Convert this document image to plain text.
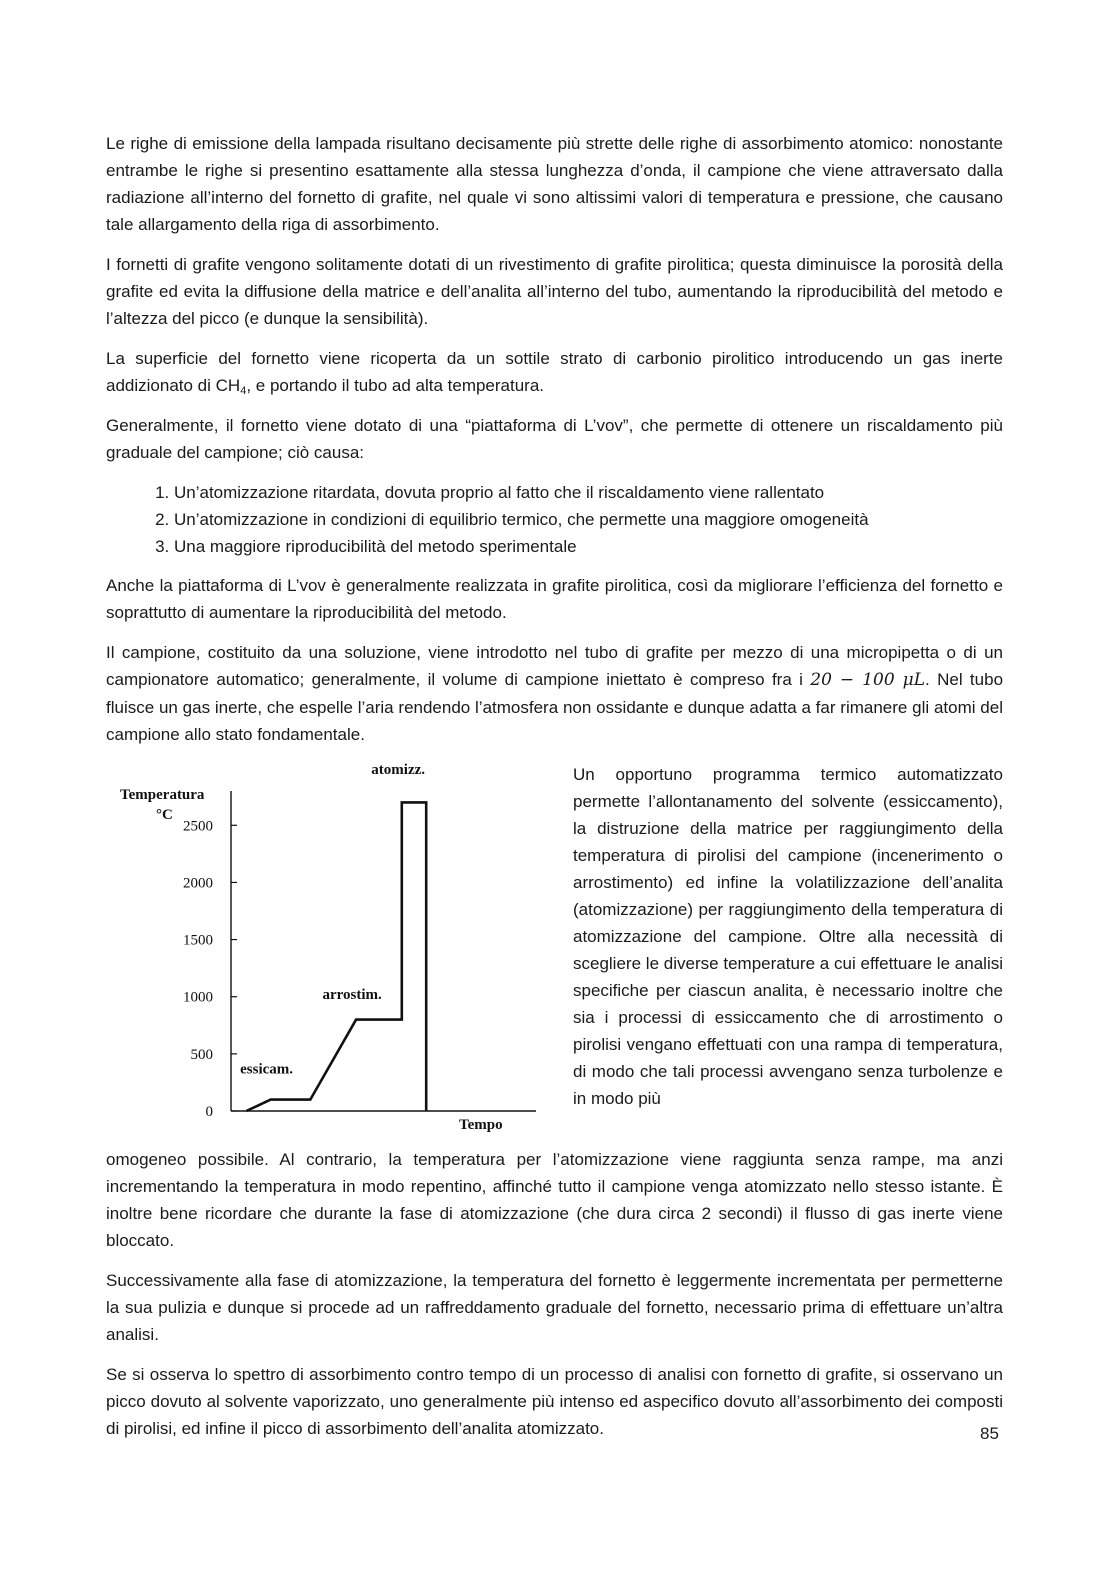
Le righe di emissione della lampada risultano decisamente più strette delle righe di assorbimento atomico: nonostante entrambe le righe si presentino esattamente alla stessa lunghezza d’onda, il campione che viene attraversato dalla radiazione all’interno del fornetto di grafite, nel quale vi sono altissimi valori di temperatura e pressione, che causano tale allargamento della riga di assorbimento.

I fornetti di grafite vengono solitamente dotati di un rivestimento di grafite pirolitica; questa diminuisce la porosità della grafite ed evita la diffusione della matrice e dell’analita all’interno del tubo, aumentando la riproducibilità del metodo e l’altezza del picco (e dunque la sensibilità).

La superficie del fornetto viene ricoperta da un sottile strato di carbonio pirolitico introducendo un gas inerte addizionato di $CH_4$, e portando il tubo ad alta temperatura.

Generalmente, il fornetto viene dotato di una “piattaforma di L’vov”, che permette di ottenere un riscaldamento più graduale del campione; ciò causa:

1. Un’atomizzazione ritardata, dovuta proprio al fatto che il riscaldamento viene rallentato
2. Un’atomizzazione in condizioni di equilibrio termico, che permette una maggiore omogeneità
3. Una maggiore riproducibilità del metodo sperimentale

Anche la piattaforma di L’vov è generalmente realizzata in grafite pirolitica, così da migliorare l’efficienza del fornetto e soprattutto di aumentare la riproducibilità del metodo.

Il campione, costituito da una soluzione, viene introdotto nel tubo di grafite per mezzo di una micropipetta o di un campionatore automatico; generalmente, il volume di campione iniettato è compreso fra i 20 − 100 μL. Nel tubo fluisce un gas inerte, che espelle l’aria rendendo l’atmosfera non ossidante e dunque adatta a far rimanere gli atomi del campione allo stato fondamentale.

Temperatura
°C
Tempo
0
500
1000
1500
2000
2500
essicam.
arrostim.
atomizz.	Un opportuno programma termico automatizzato permette l’allontanamento del solvente (essiccamento), la distruzione della matrice per raggiungimento della temperatura di pirolisi del campione (incenerimento o arrostimento) ed infine la volatilizzazione dell’analita (atomizzazione) per raggiungimento della temperatura di atomizzazione del campione. Oltre alla necessità di scegliere le diverse temperature a cui effettuare le analisi specifiche per ciascun analita, è necessario inoltre che sia i processi di essiccamento che di arrostimento o pirolisi vengano effettuati con una rampa di temperatura, di modo che tali processi avvengano senza turbolenze e in modo più

omogeneo possibile. Al contrario, la temperatura per l’atomizzazione viene raggiunta senza rampe, ma anzi incrementando la temperatura in modo repentino, affinché tutto il campione venga atomizzato nello stesso istante. È inoltre bene ricordare che durante la fase di atomizzazione (che dura circa 2 secondi) il flusso di gas inerte viene bloccato.

Successivamente alla fase di atomizzazione, la temperatura del fornetto è leggermente incrementata per permetterne la sua pulizia e dunque si procede ad un raffreddamento graduale del fornetto, necessario prima di effettuare un’altra analisi.

Se si osserva lo spettro di assorbimento contro tempo di un processo di analisi con fornetto di grafite, si osservano un picco dovuto al solvente vaporizzato, uno generalmente più intenso ed aspecifico dovuto all’assorbimento dei composti di pirolisi, ed infine il picco di assorbimento dell’analita atomizzato.	85
